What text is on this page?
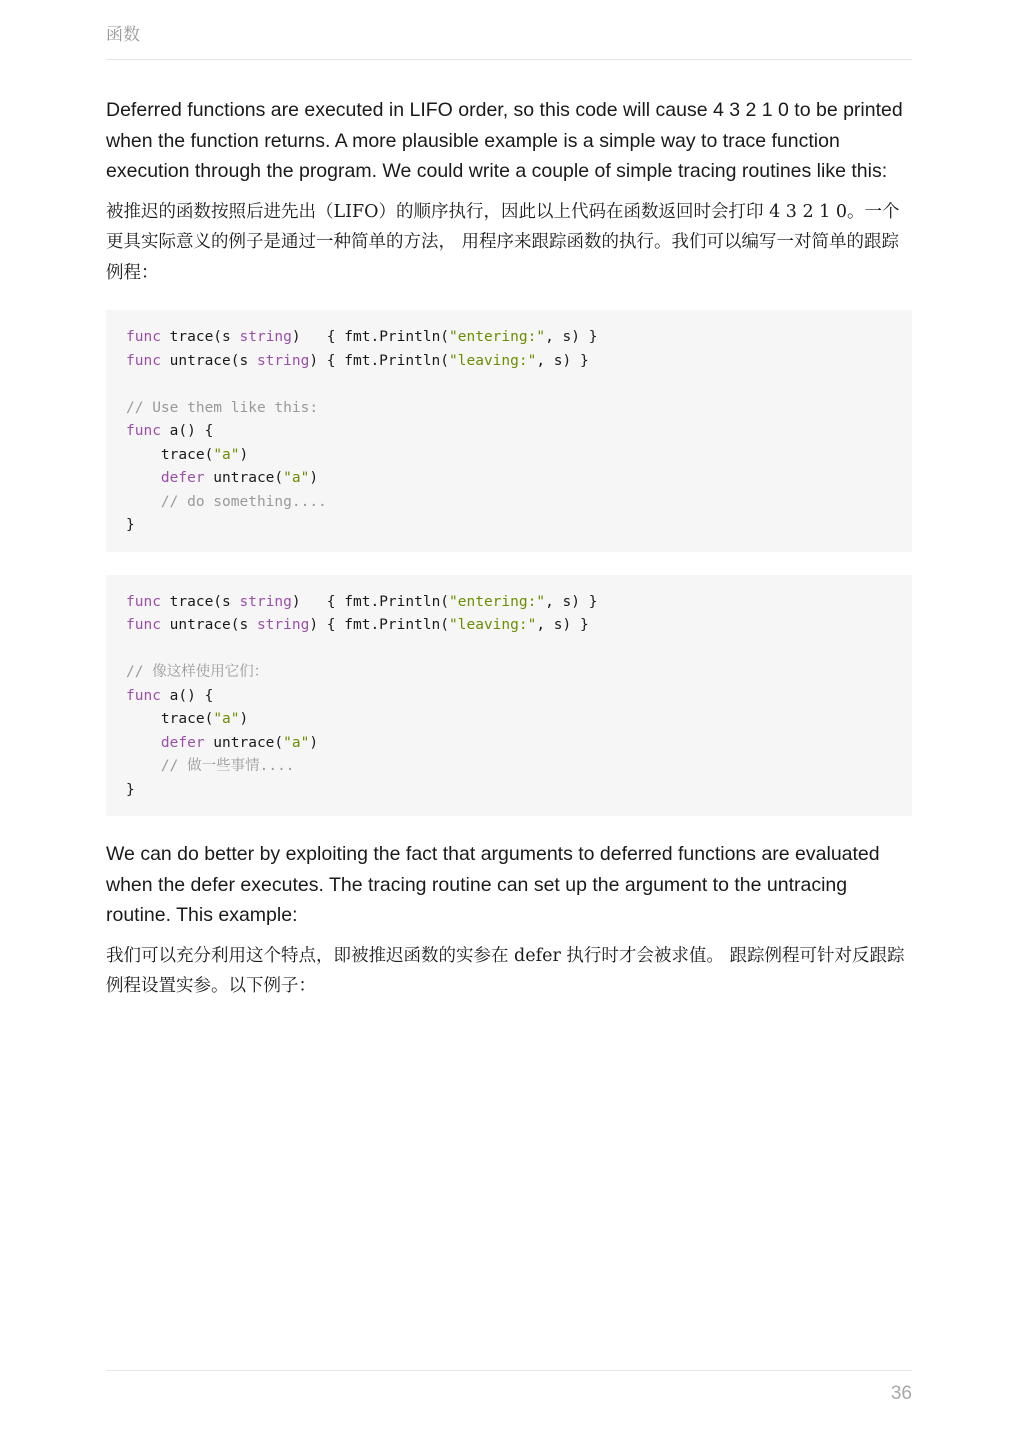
函数

Deferred functions are executed in LIFO order, so this code will cause 4 3 2 1 0 to be printed when the function returns. A more plausible example is a simple way to trace function execution through the program. We could write a couple of simple tracing routines like this:

被推迟的函数按照后进先出（LIFO）的顺序执行，因此以上代码在函数返回时会打印 4 3 2 1 0。一个更具实际意义的例子是通过一种简单的方法， 用程序来跟踪函数的执行。我们可以编写一对简单的跟踪例程：

func trace(s string)   { fmt.Println("entering:", s) }
func untrace(s string) { fmt.Println("leaving:", s) }
// Use them like this:
func a() {
trace("a")
defer untrace("a")
// do something....
}
func trace(s string)   { fmt.Println("entering:", s) }
func untrace(s string) { fmt.Println("leaving:", s) }
// 像这样使用它们：
func a() {
trace("a")
defer untrace("a")
// 做一些事情....
}

We can do better by exploiting the fact that arguments to deferred functions are evaluated when the defer executes. The tracing routine can set up the argument to the untracing routine. This example:

我们可以充分利用这个特点，即被推迟函数的实参在 defer 执行时才会被求值。 跟踪例程可针对反跟踪例程设置实参。以下例子：

36
